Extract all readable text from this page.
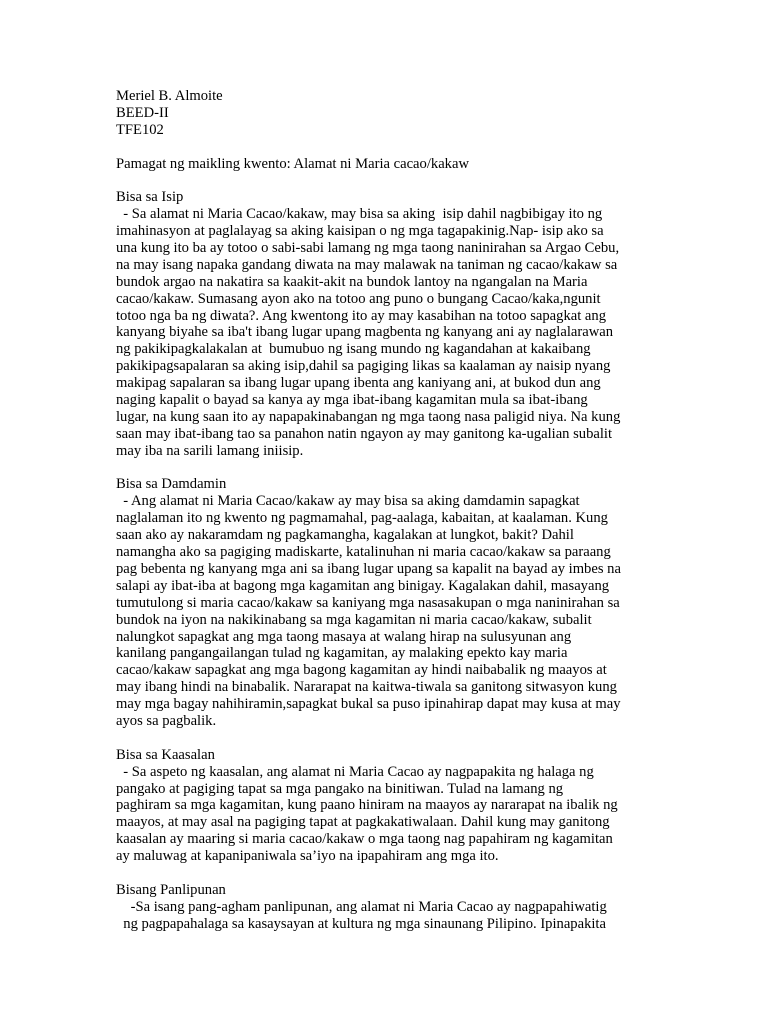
Meriel B. Almoite
BEED-II
TFE102
Pamagat ng maikling kwento: Alamat ni Maria cacao/kakaw
Bisa sa Isip
- Sa alamat ni Maria Cacao/kakaw, may bisa sa aking  isip dahil nagbibigay ito ng
imahinasyon at paglalayag sa aking kaisipan o ng mga tagapakinig.Nap- isip ako sa
una kung ito ba ay totoo o sabi-sabi lamang ng mga taong naninirahan sa Argao Cebu,
na may isang napaka gandang diwata na may malawak na taniman ng cacao/kakaw sa
bundok argao na nakatira sa kaakit-akit na bundok lantoy na ngangalan na Maria
cacao/kakaw. Sumasang ayon ako na totoo ang puno o bungang Cacao/kaka,ngunit
totoo nga ba ng diwata?. Ang kwentong ito ay may kasabihan na totoo sapagkat ang
kanyang biyahe sa iba't ibang lugar upang magbenta ng kanyang ani ay naglalarawan
ng pakikipagkalakalan at  bumubuo ng isang mundo ng kagandahan at kakaibang
pakikipagsapalaran sa aking isip,dahil sa pagiging likas sa kaalaman ay naisip nyang
makipag sapalaran sa ibang lugar upang ibenta ang kaniyang ani, at bukod dun ang
naging kapalit o bayad sa kanya ay mga ibat-ibang kagamitan mula sa ibat-ibang
lugar, na kung saan ito ay napapakinabangan ng mga taong nasa paligid niya. Na kung
saan may ibat-ibang tao sa panahon natin ngayon ay may ganitong ka-ugalian subalit
may iba na sarili lamang iniisip.
Bisa sa Damdamin
- Ang alamat ni Maria Cacao/kakaw ay may bisa sa aking damdamin sapagkat
naglalaman ito ng kwento ng pagmamahal, pag-aalaga, kabaitan, at kaalaman. Kung
saan ako ay nakaramdam ng pagkamangha, kagalakan at lungkot, bakit? Dahil
namangha ako sa pagiging madiskarte, katalinuhan ni maria cacao/kakaw sa paraang
pag bebenta ng kanyang mga ani sa ibang lugar upang sa kapalit na bayad ay imbes na
salapi ay ibat-iba at bagong mga kagamitan ang binigay. Kagalakan dahil, masayang
tumutulong si maria cacao/kakaw sa kaniyang mga nasasakupan o mga naninirahan sa
bundok na iyon na nakikinabang sa mga kagamitan ni maria cacao/kakaw, subalit
nalungkot sapagkat ang mga taong masaya at walang hirap na sulusyunan ang
kanilang pangangailangan tulad ng kagamitan, ay malaking epekto kay maria
cacao/kakaw sapagkat ang mga bagong kagamitan ay hindi naibabalik ng maayos at
may ibang hindi na binabalik. Nararapat na kaitwa-tiwala sa ganitong sitwasyon kung
may mga bagay nahihiramin,sapagkat bukal sa puso ipinahirap dapat may kusa at may
ayos sa pagbalik.
Bisa sa Kaasalan
- Sa aspeto ng kaasalan, ang alamat ni Maria Cacao ay nagpapakita ng halaga ng
pangako at pagiging tapat sa mga pangako na binitiwan. Tulad na lamang ng
paghiram sa mga kagamitan, kung paano hiniram na maayos ay nararapat na ibalik ng
maayos, at may asal na pagiging tapat at pagkakatiwalaan. Dahil kung may ganitong
kaasalan ay maaring si maria cacao/kakaw o mga taong nag papahiram ng kagamitan
ay maluwag at kapanipaniwala sa’iyo na ipapahiram ang mga ito.
Bisang Panlipunan
-Sa isang pang-agham panlipunan, ang alamat ni Maria Cacao ay nagpapahiwatig
ng pagpapahalaga sa kasaysayan at kultura ng mga sinaunang Pilipino. Ipinapakita
